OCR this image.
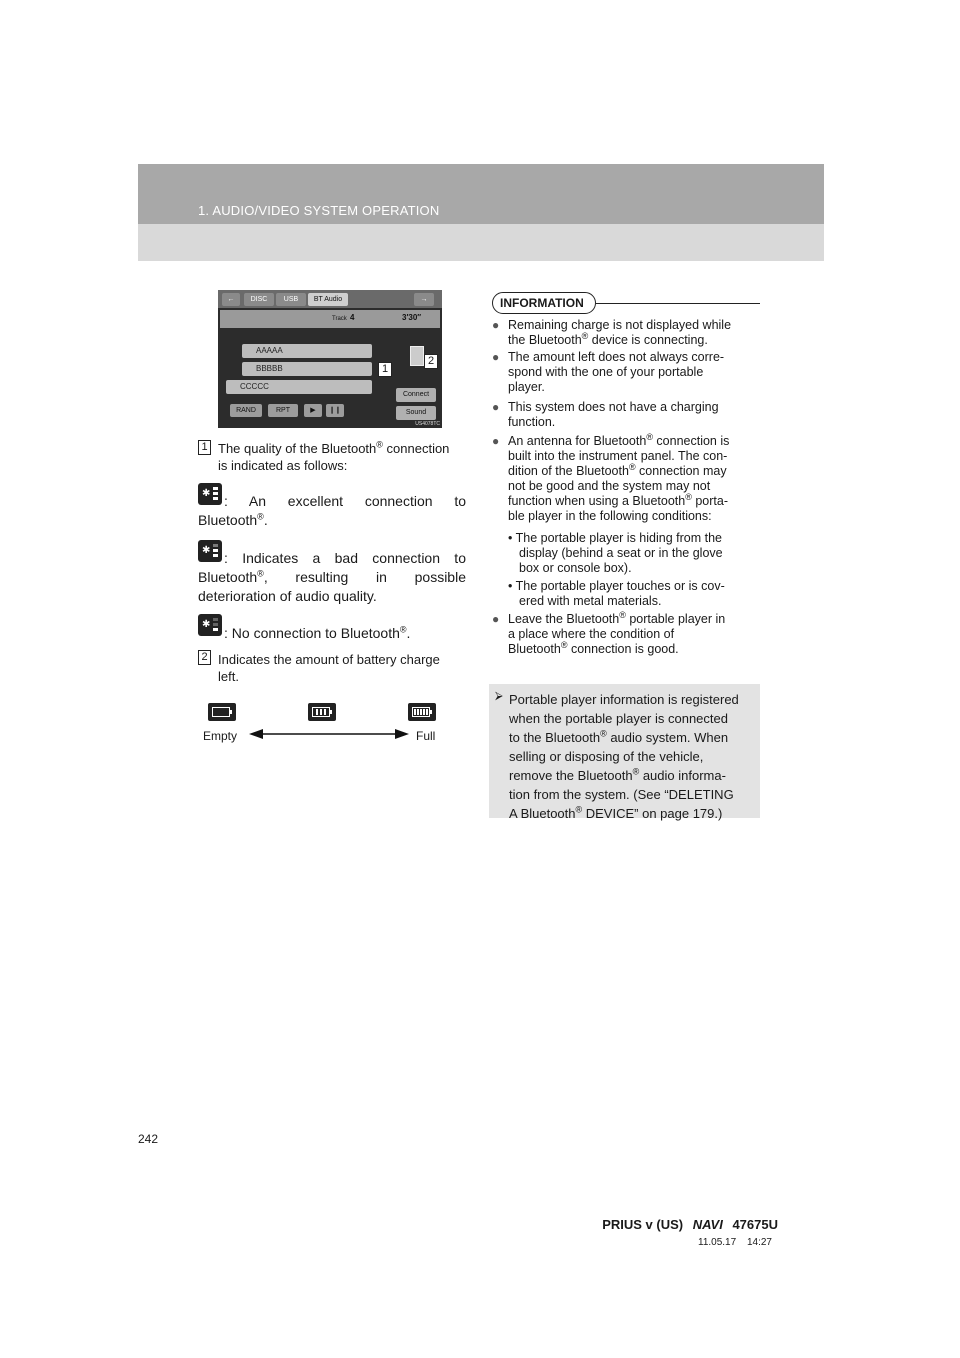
1. AUDIO/VIDEO SYSTEM OPERATION
←	DISC	USB	BT Audio	→
Track 4	3′30″
AAAAA
BBBBB
CCCCC
Connect
Sound
RAND	RPT	▶	❙❙
1
2
US4078TC
1 The quality of the Bluetooth® connection
is indicated as follows:
✱ : An excellent connection to
Bluetooth®.
✱ : Indicates a bad connection to
Bluetooth®, resulting in possible
deterioration of audio quality.
✱
: No connection to Bluetooth®.
2 Indicates the amount of battery charge
left.
Empty	Full
INFORMATION
● Remaining charge is not displayed while
the Bluetooth® device is connecting.
● The amount left does not always corre-
spond with the one of your portable
player.
● This system does not have a charging
function.
● An antenna for Bluetooth® connection is
built into the instrument panel. The con-
dition of the Bluetooth® connection may
not be good and the system may not
function when using a Bluetooth® porta-
ble player in the following conditions:
• The portable player is hiding from the
display (behind a seat or in the glove
box or console box).
• The portable player touches or is cov-
ered with metal materials.
● Leave the Bluetooth® portable player in
a place where the condition of
Bluetooth® connection is good.
⮚ Portable player information is registered
when the portable player is connected
to the Bluetooth® audio system. When
selling or disposing of the vehicle,
remove the Bluetooth® audio informa-
tion from the system. (See “DELETING
A Bluetooth® DEVICE” on page 179.)
242
PRIUS v (US) NAVI 47675U
11.05.17 14:27
